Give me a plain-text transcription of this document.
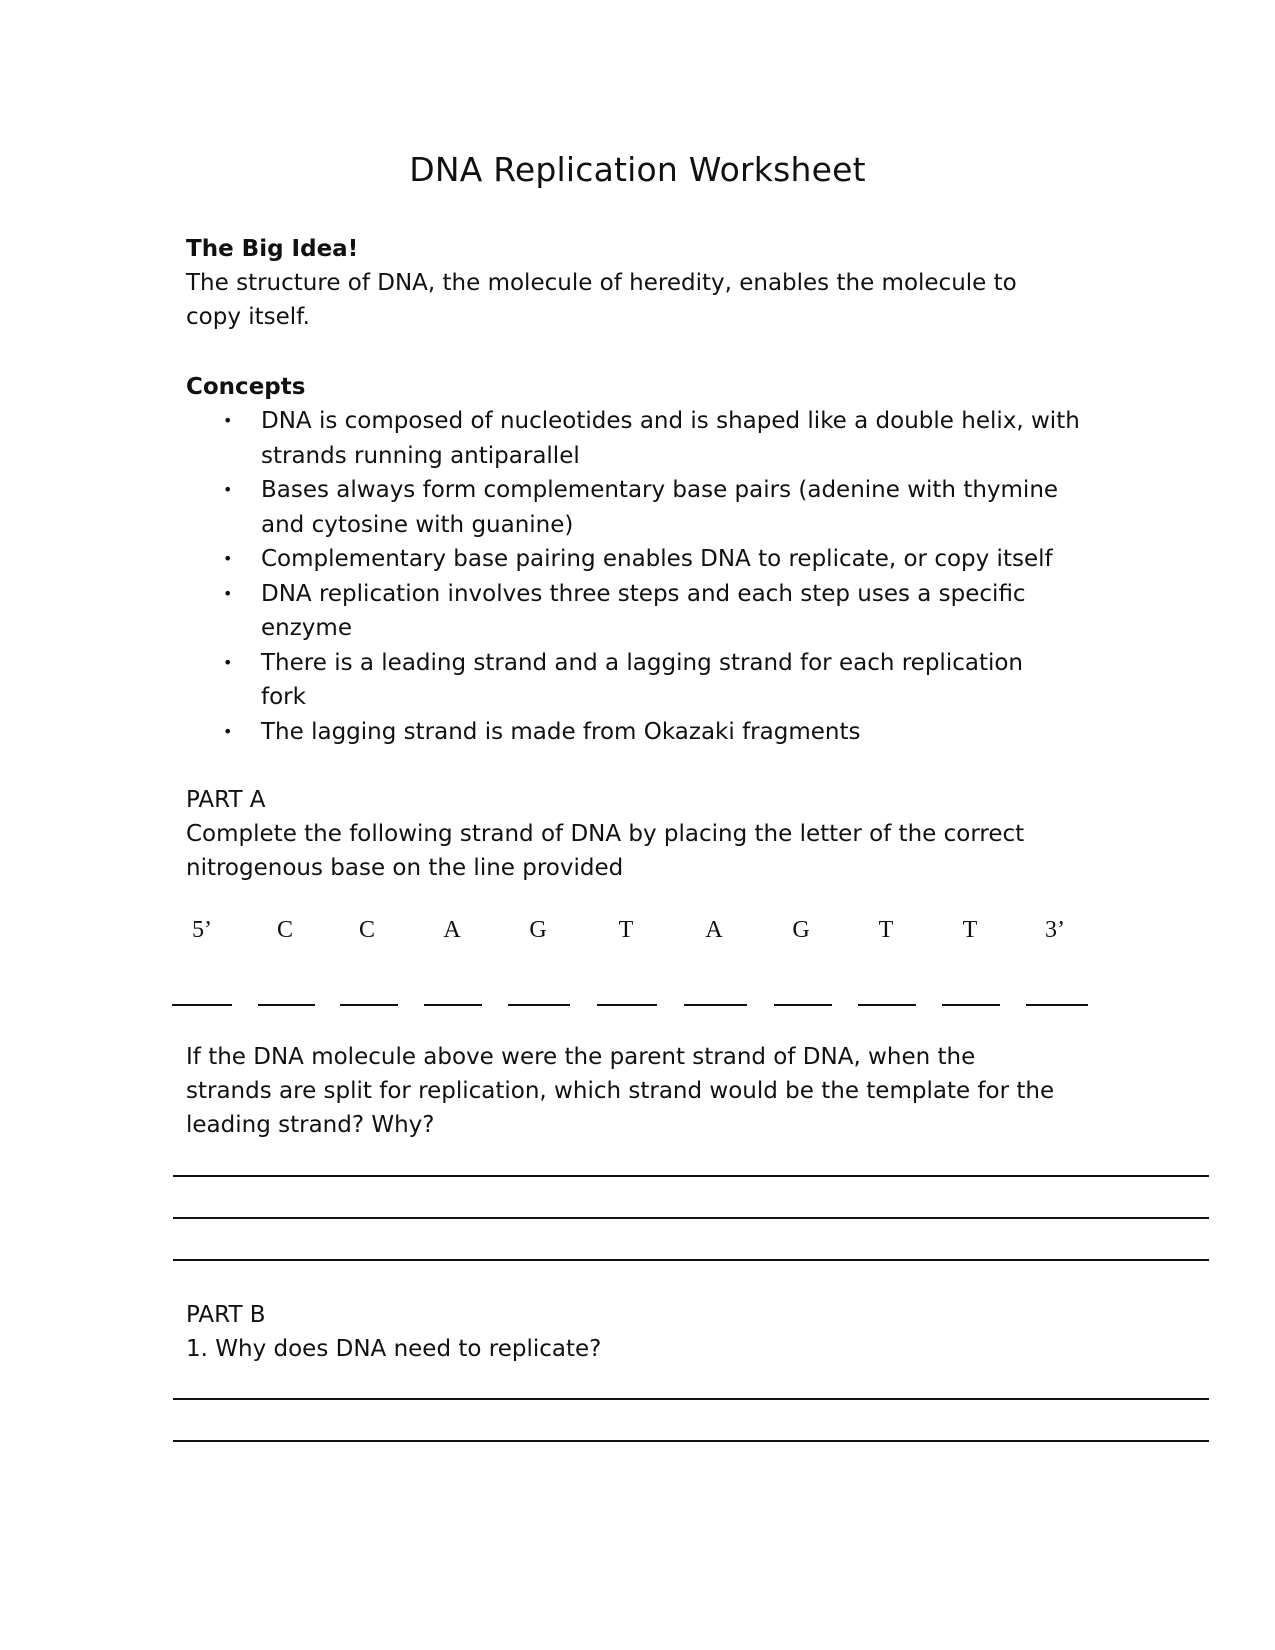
DNA Replication Worksheet

The Big Idea!

The structure of DNA, the molecule of heredity, enables the molecule to

copy itself.

Concepts

• DNA is composed of nucleotides and is shaped like a double helix, with
strands running antiparallel
• Bases always form complementary base pairs (adenine with thymine
and cytosine with guanine)
• Complementary base pairing enables DNA to replicate, or copy itself
• DNA replication involves three steps and each step uses a specific
enzyme
• There is a leading strand and a lagging strand for each replication
fork
• The lagging strand is made from Okazaki fragments

PART A

Complete the following strand of DNA by placing the letter of the correct

nitrogenous base on the line provided

5’	C	C	A	G	T	A	G	T	T	3’

If the DNA molecule above were the parent strand of DNA, when the

strands are split for replication, which strand would be the template for the

leading strand? Why?

PART B

1. Why does DNA need to replicate?
